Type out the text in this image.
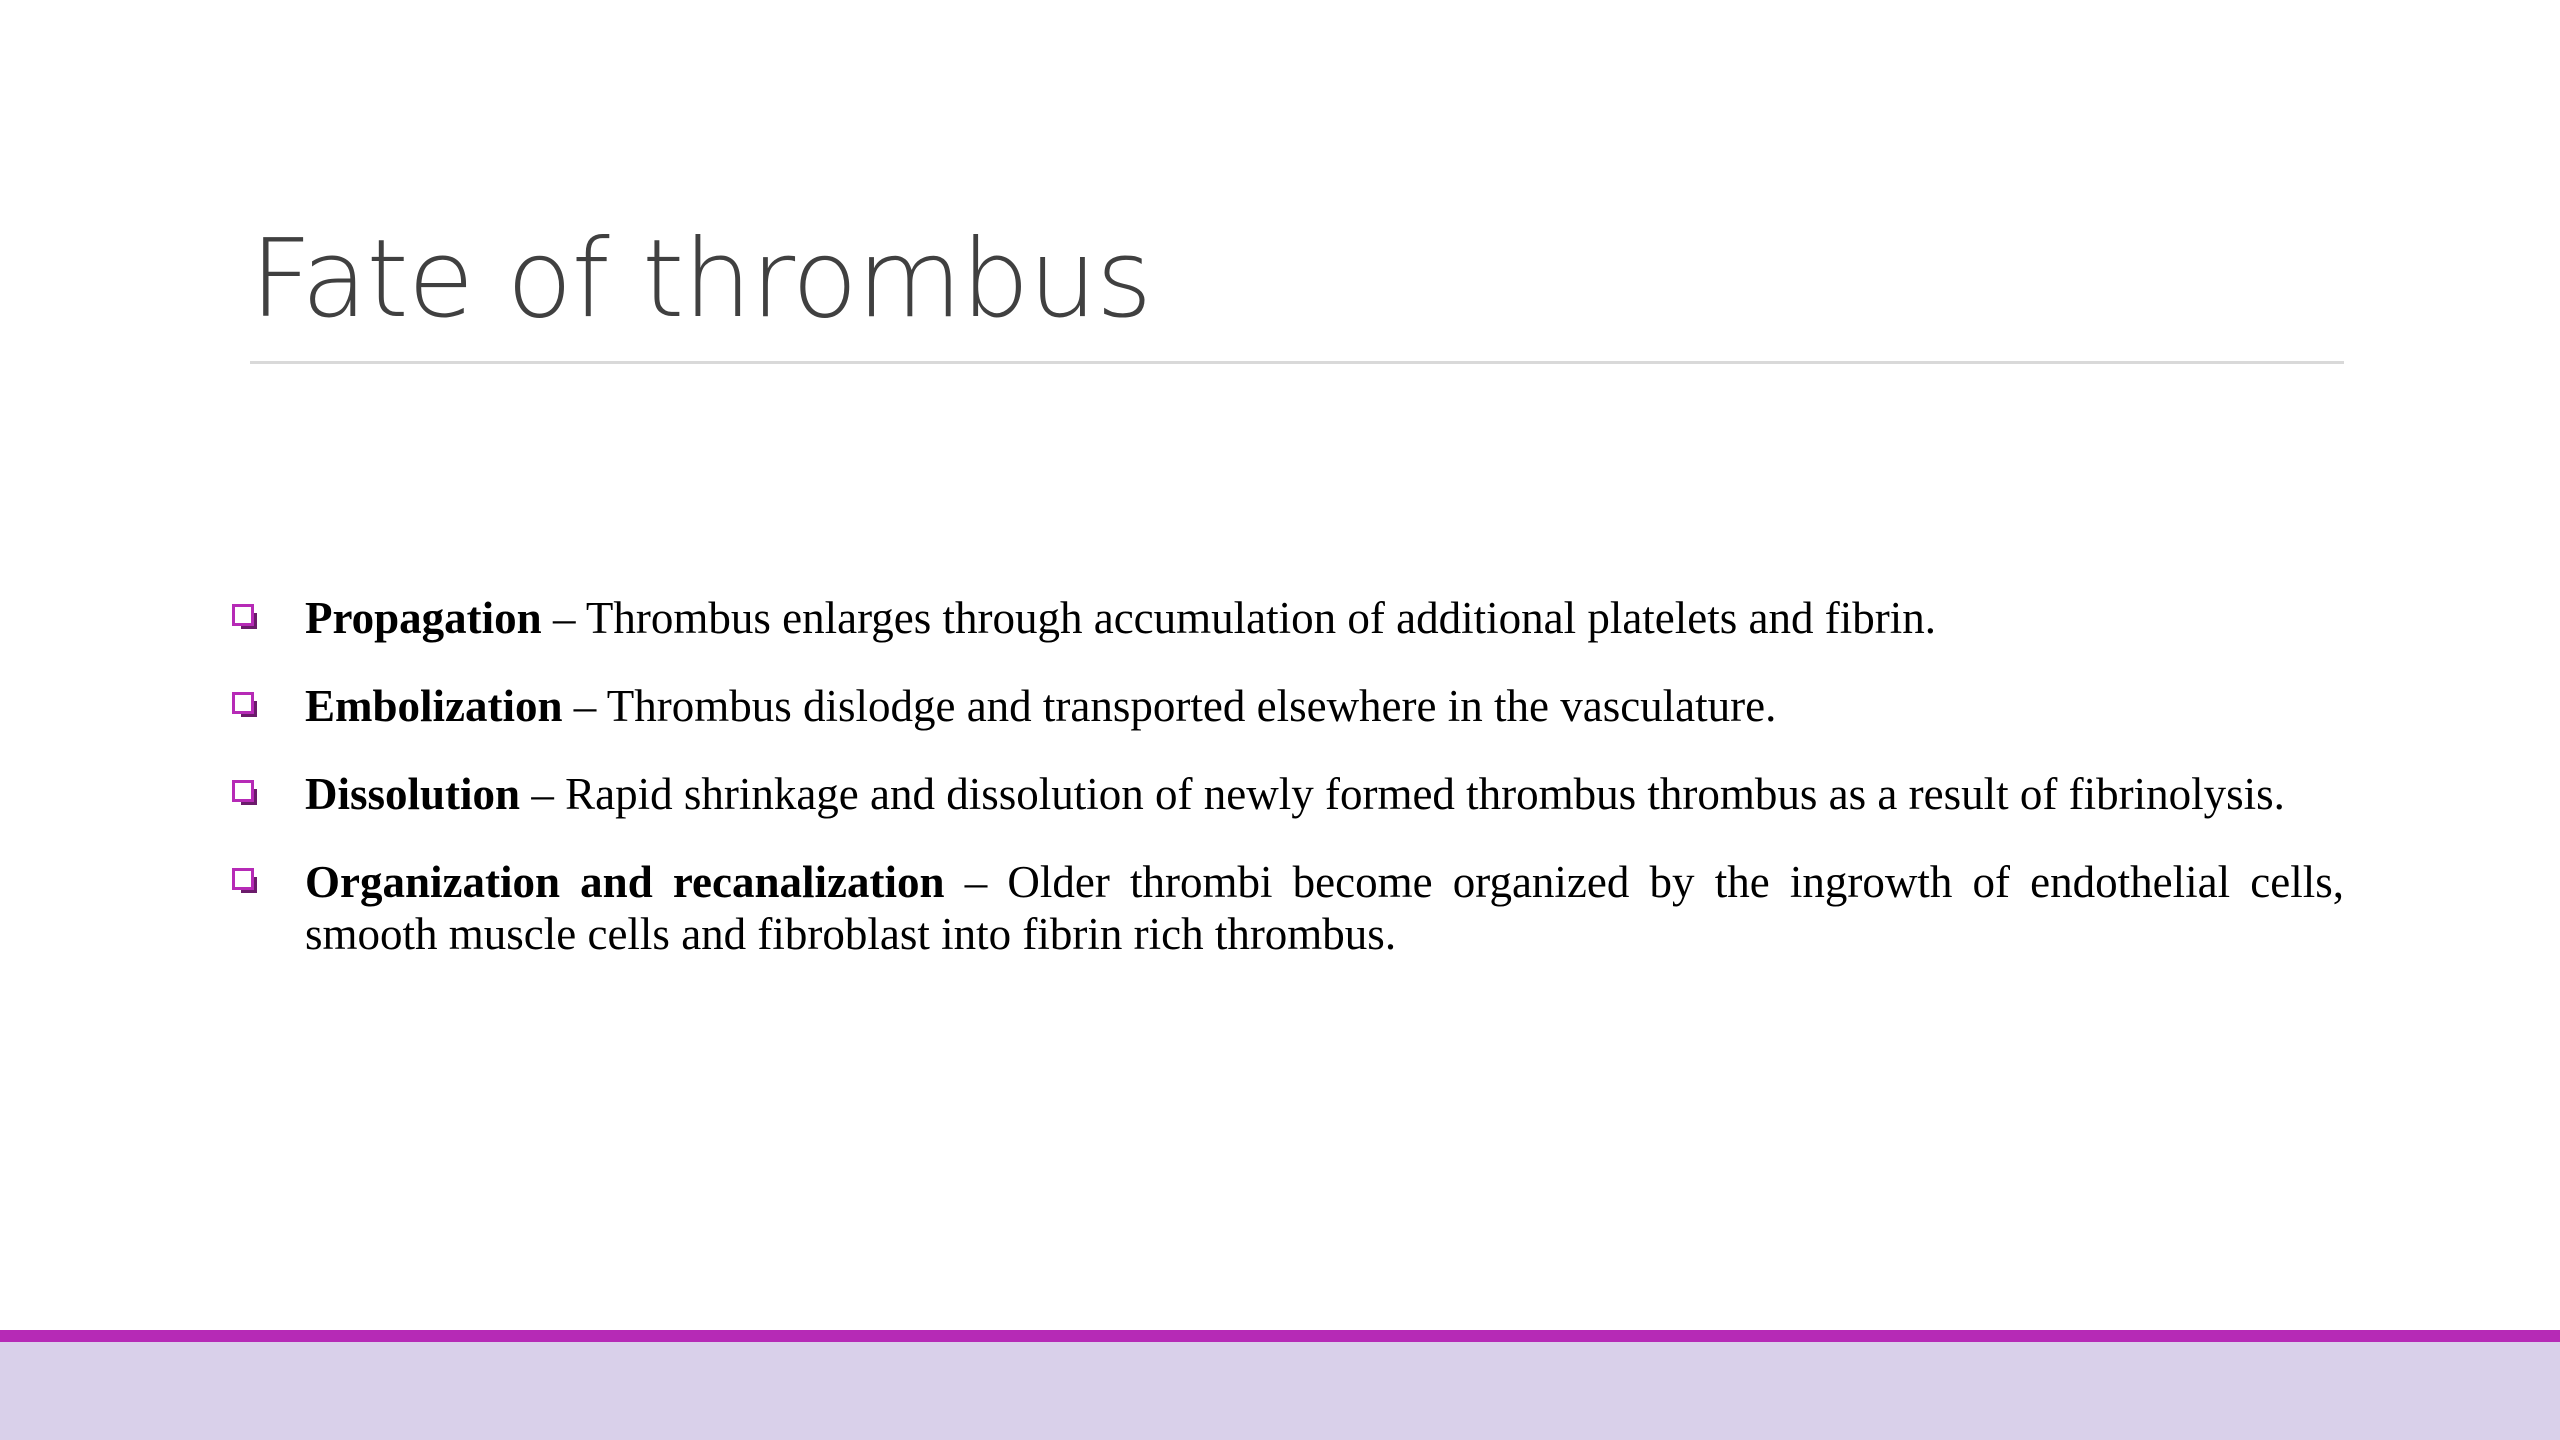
Fate of thrombus
Propagation – Thrombus enlarges through accumulation of additional platelets and fibrin.
Embolization – Thrombus dislodge and transported elsewhere in the vasculature.
Dissolution – Rapid shrinkage and dissolution of newly formed thrombus thrombus as a result of fibrinolysis.
Organization and recanalization – Older thrombi become organized by the ingrowth of endothelial cells, smooth muscle cells and fibroblast into fibrin rich thrombus.
